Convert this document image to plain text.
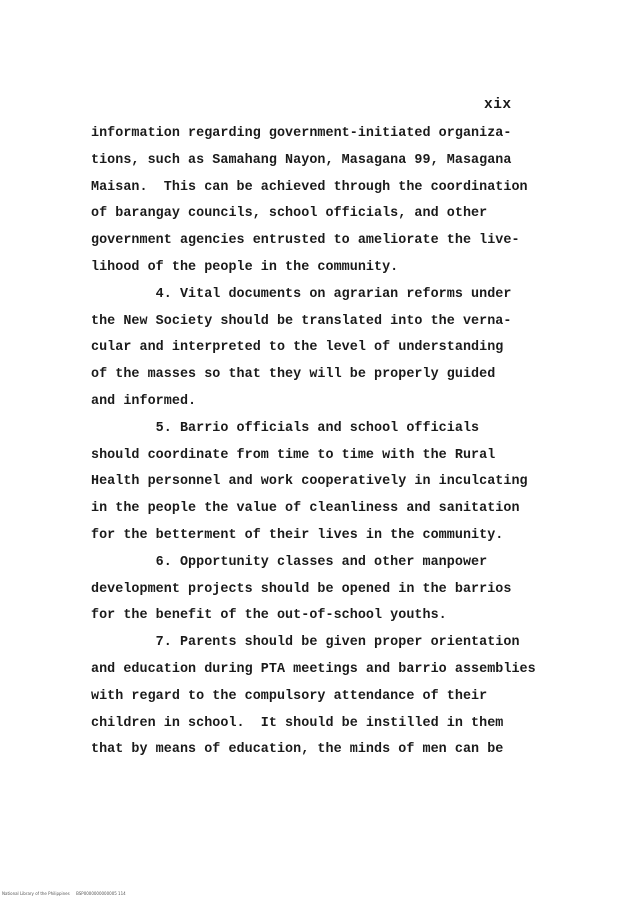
xix
information regarding government-initiated organiza-
tions, such as Samahang Nayon, Masagana 99, Masagana
Maisan.  This can be achieved through the coordination
of barangay councils, school officials, and other
government agencies entrusted to ameliorate the live-
lihood of the people in the community.
4. Vital documents on agrarian reforms under
the New Society should be translated into the verna-
cular and interpreted to the level of understanding
of the masses so that they will be properly guided
and informed.
5. Barrio officials and school officials
should coordinate from time to time with the Rural
Health personnel and work cooperatively in inculcating
in the people the value of cleanliness and sanitation
for the betterment of their lives in the community.
6. Opportunity classes and other manpower
development projects should be opened in the barrios
for the benefit of the out-of-school youths.
7. Parents should be given proper orientation
and education during PTA meetings and barrio assemblies
with regard to the compulsory attendance of their
children in school.  It should be instilled in them
that by means of education, the minds of men can be
National Library of the Philippines     BSP0000000000005 114
